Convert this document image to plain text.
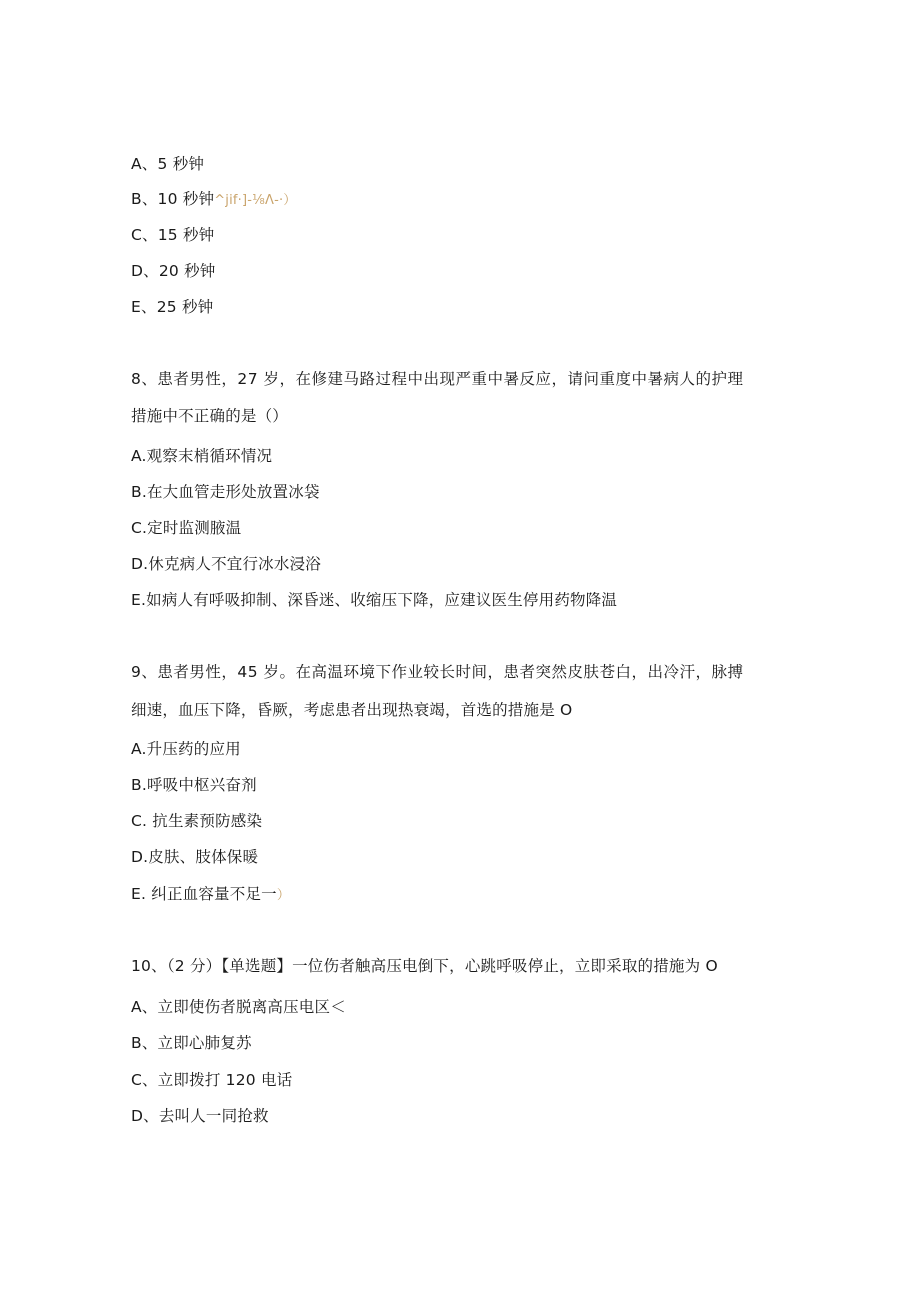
A、5 秒钟
B、10 秒钟^jif·]-⅛Λ-·）
C、15 秒钟
D、20 秒钟
E、25 秒钟
8、患者男性，27 岁，在修建马路过程中出现严重中暑反应，请问重度中暑病人的护理
措施中不正确的是（）
A.观察末梢循环情况
B.在大血管走形处放置冰袋
C.定时监测腋温
D.休克病人不宜行冰水浸浴
E.如病人有呼吸抑制、深昏迷、收缩压下降，应建议医生停用药物降温
9、患者男性，45 岁。在高温环境下作业较长时间，患者突然皮肤苍白，出冷汗，脉搏
细速，血压下降，昏厥，考虑患者出现热衰竭，首选的措施是 O
A.升压药的应用
B.呼吸中枢兴奋剂
C. 抗生素预防感染
D.皮肤、肢体保暖
E. 纠正血容量不足一）
10、（2 分）【单选题】一位伤者触高压电倒下，心跳呼吸停止，立即采取的措施为 O
A、立即使伤者脱离高压电区＜
B、立即心肺复苏
C、立即拨打 120 电话
D、去叫人一同抢救
